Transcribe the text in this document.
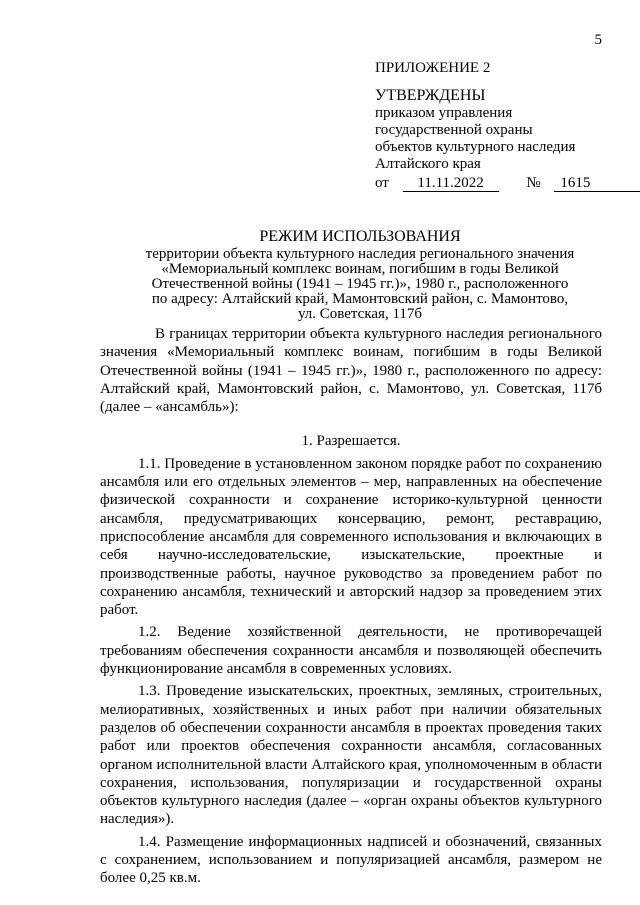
5
ПРИЛОЖЕНИЕ 2
УТВЕРЖДЕНЫ
приказом управления
государственной охраны
объектов культурного наследия
Алтайского края
от 11.11.2022	№ 1615
РЕЖИМ ИСПОЛЬЗОВАНИЯ
территории объекта культурного наследия регионального значения
«Мемориальный комплекс воинам, погибшим в годы Великой
Отечественной войны (1941 – 1945 гг.)», 1980 г., расположенного
по адресу: Алтайский край, Мамонтовский район, с. Мамонтово,
ул. Советская, 117б

В границах территории объекта культурного наследия регионального значения «Мемориальный комплекс воинам, погибшим в годы Великой Отечественной войны (1941 – 1945 гг.)», 1980 г., расположенного по адресу: Алтайский край, Мамонтовский район, с. Мамонтово, ул. Советская, 117б (далее – «ансамбль»):

1. Разрешается.

1.1. Проведение в установленном законом порядке работ по сохранению ансамбля или его отдельных элементов – мер, направленных на обеспечение физической сохранности и сохранение историко-культурной ценности ансамбля, предусматривающих консервацию, ремонт, реставрацию, приспособление ансамбля для современного использования и включающих в себя научно-исследовательские, изыскательские, проектные и производственные работы, научное руководство за проведением работ по сохранению ансамбля, технический и авторский надзор за проведением этих работ.

1.2. Ведение хозяйственной деятельности, не противоречащей требованиям обеспечения сохранности ансамбля и позволяющей обеспечить функционирование ансамбля в современных условиях.

1.3. Проведение изыскательских, проектных, земляных, строительных, мелиоративных, хозяйственных и иных работ при наличии обязательных разделов об обеспечении сохранности ансамбля в проектах проведения таких работ или проектов обеспечения сохранности ансамбля, согласованных органом исполнительной власти Алтайского края, уполномоченным в области сохранения, использования, популяризации и государственной охраны объектов культурного наследия (далее – «орган охраны объектов культурного наследия»).

1.4. Размещение информационных надписей и обозначений, связанных с сохранением, использованием и популяризацией ансамбля, размером не более 0,25 кв.м.
